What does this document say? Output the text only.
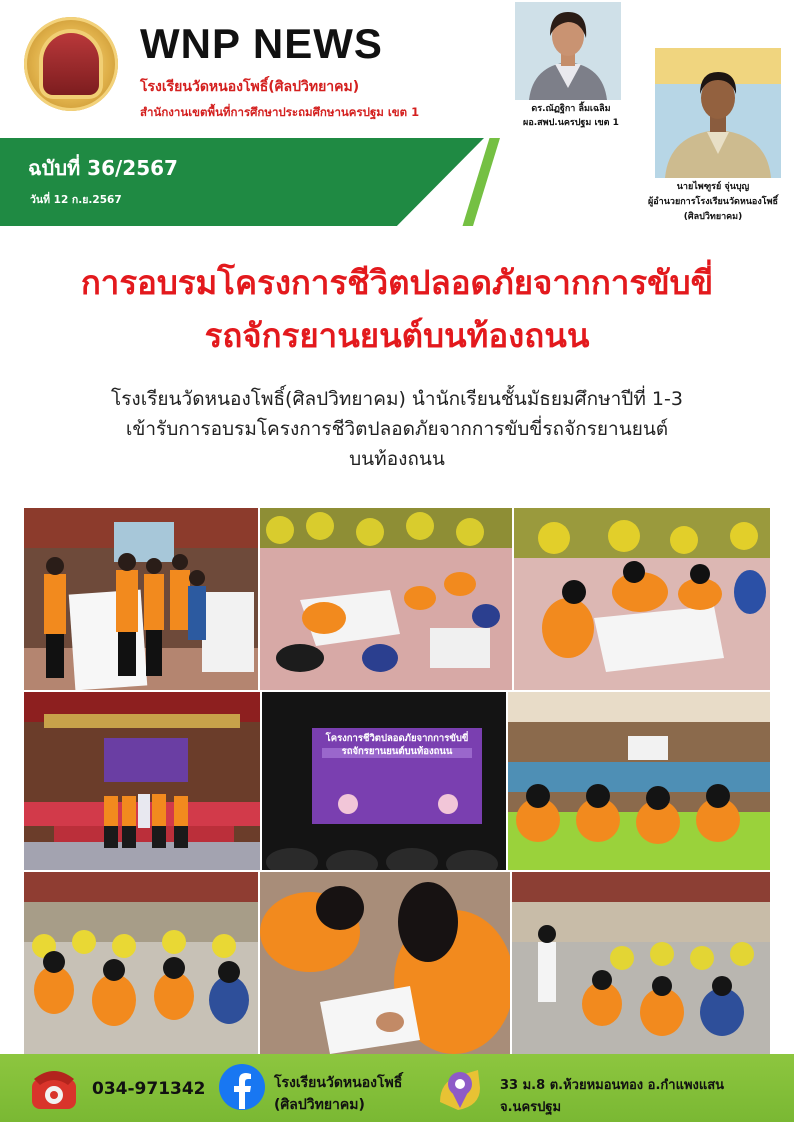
WNP NEWS
โรงเรียนวัดหนองโพธิ์(ศิลปวิทยาคม)
สำนักงานเขตพื้นที่การศึกษาประถมศึกษานครปฐม เขต 1
ฉบับที่ 36/2567
วันที่ 12 ก.ย.2567
ดร.ณัฏฐิกา ลิ้มเฉลิม
ผอ.สพป.นครปฐม เขต 1
นายไพฑูรย์ จุ่นบุญ
ผู้อำนวยการโรงเรียนวัดหนองโพธิ์
(ศิลปวิทยาคม)
การอบรมโครงการชีวิตปลอดภัยจากการขับขี่
รถจักรยานยนต์บนท้องถนน
โรงเรียนวัดหนองโพธิ์(ศิลปวิทยาคม) นำนักเรียนชั้นมัธยมศึกษาปีที่ 1-3
เข้ารับการอบรมโครงการชีวิตปลอดภัยจากการขับขี่รถจักรยานยนต์
บนท้องถนน
โครงการชีวิตปลอดภัยจากการขับขี่
รถจักรยานยนต์บนท้องถนน
034-971342	โรงเรียนวัดหนองโพธิ์
(ศิลปวิทยาคม)
33 ม.8 ต.ห้วยหมอนทอง อ.กำแพงแสน
จ.นครปฐม
